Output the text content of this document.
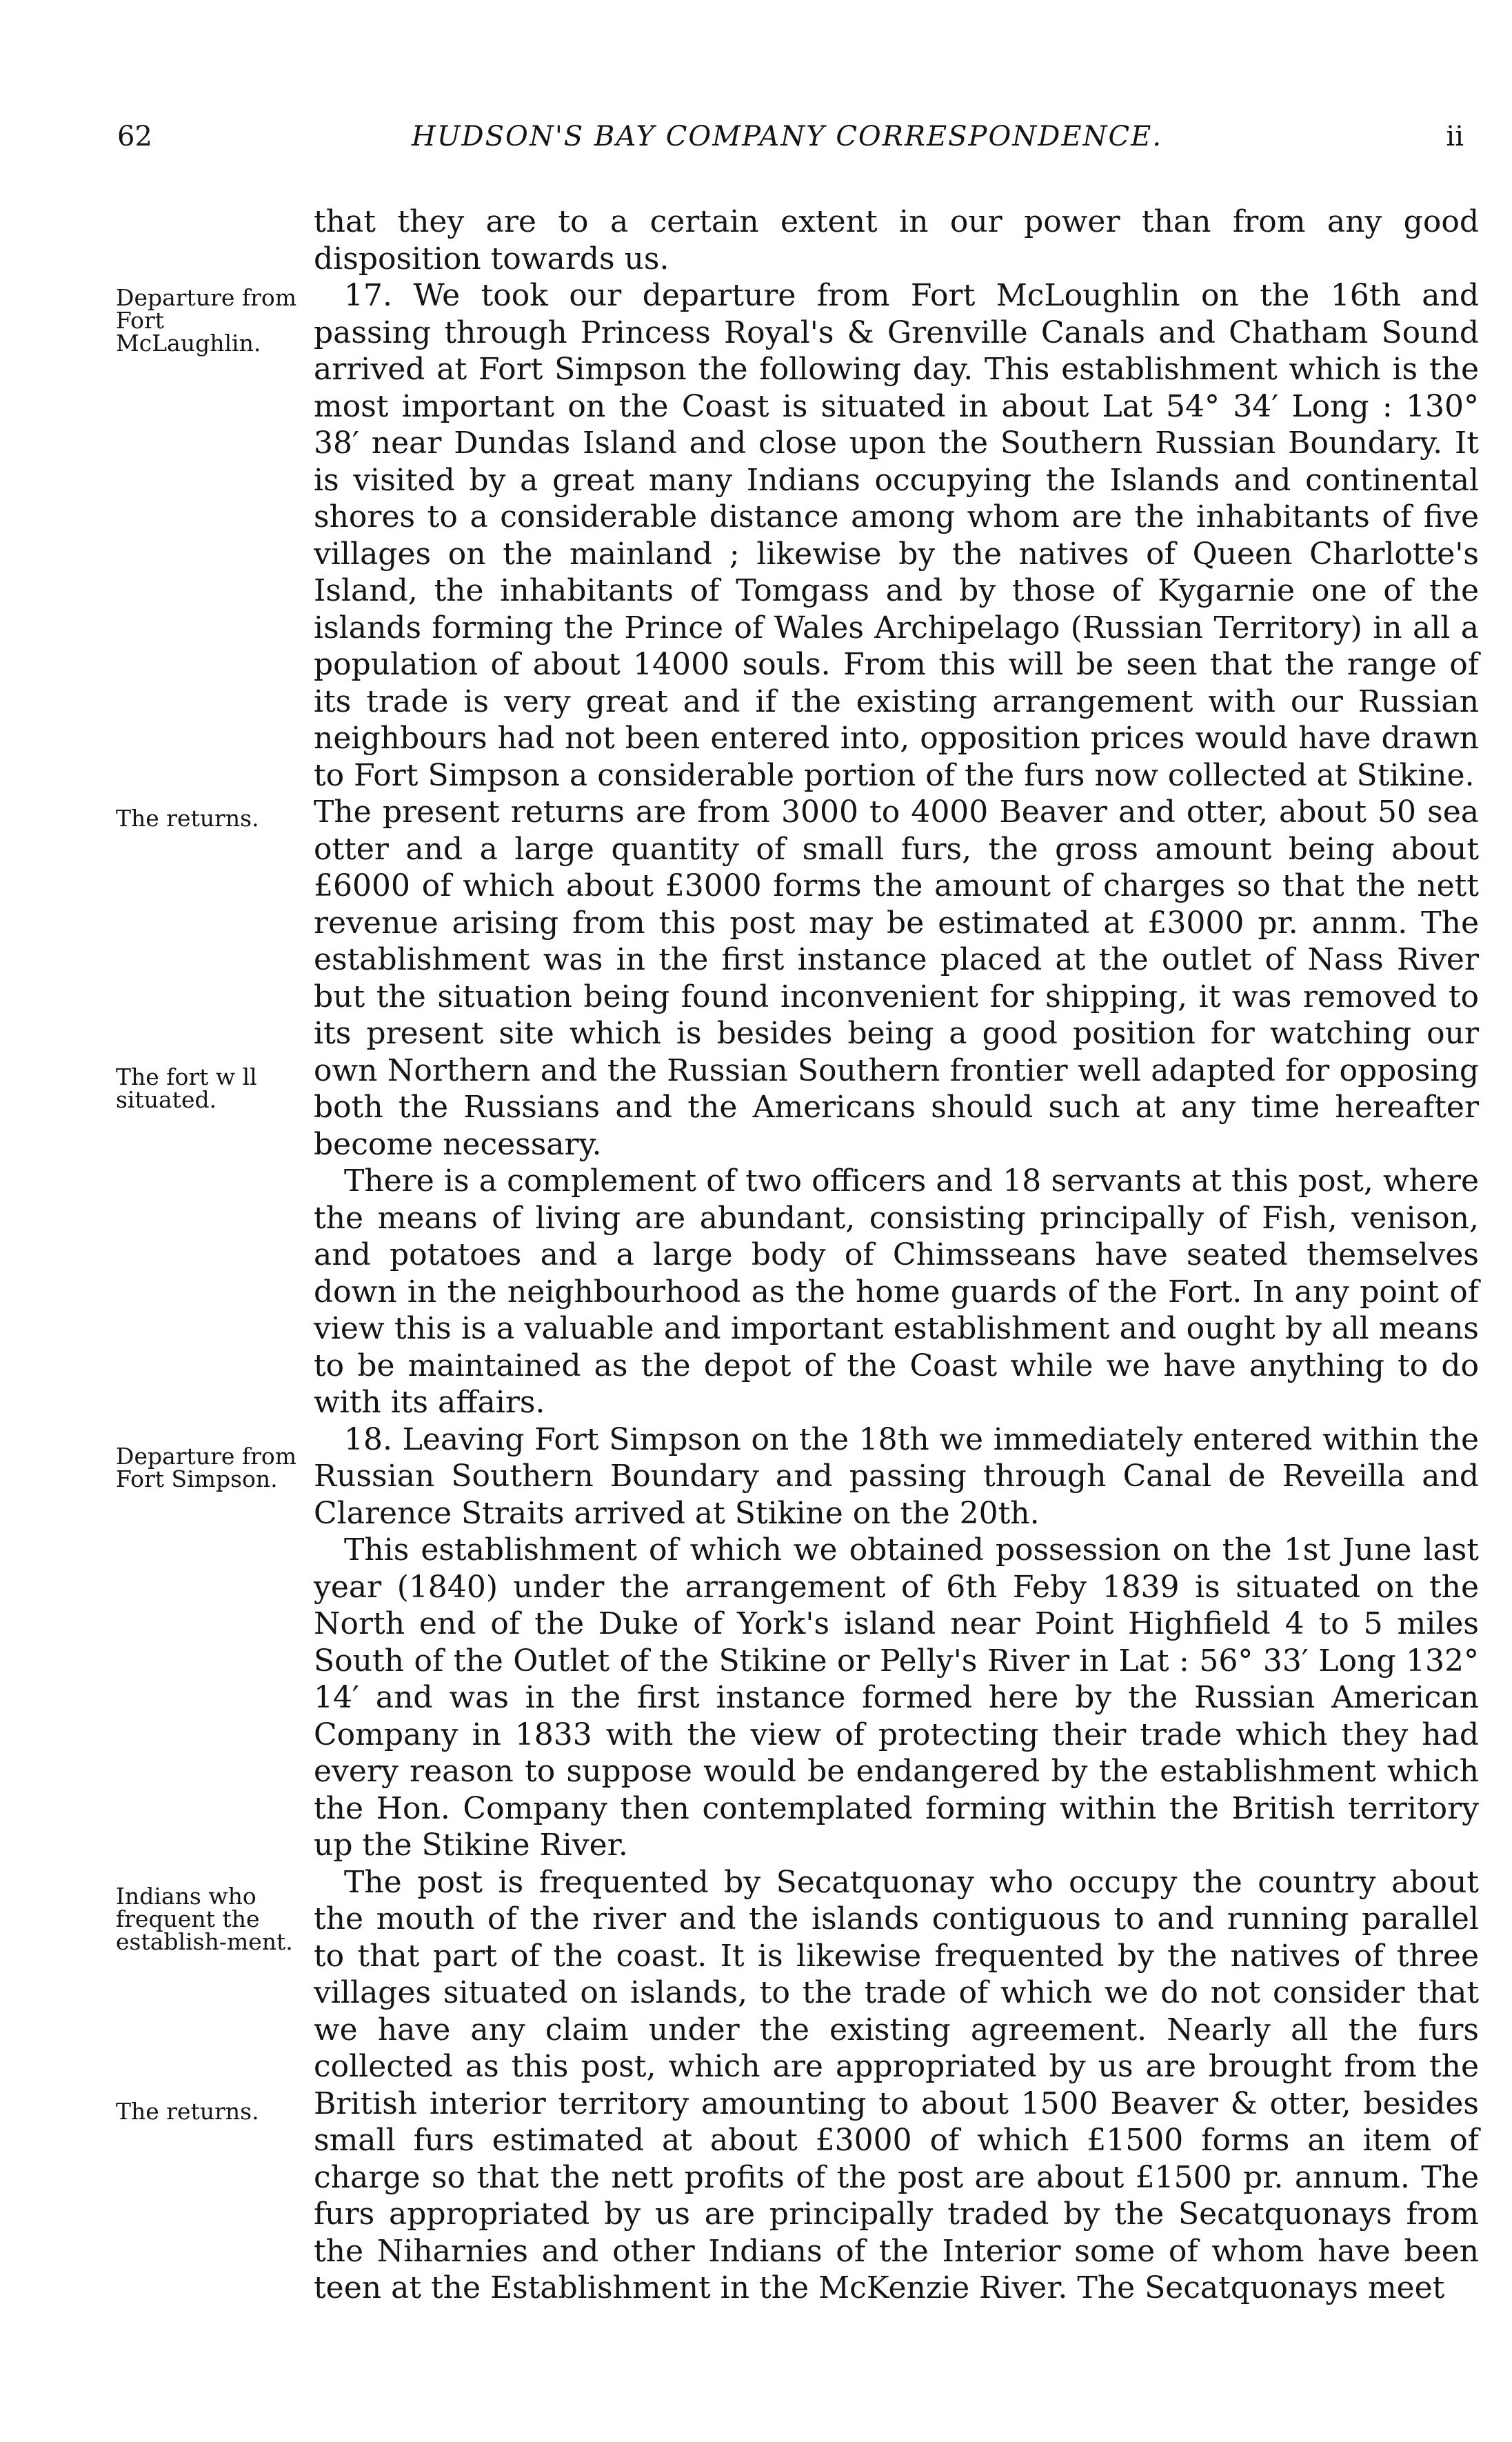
62	HUDSON'S BAY COMPANY CORRESPONDENCE.	ii
Departure from Fort McLaughlin.
The returns.
The fort w ll situated.
Departure from Fort Simpson.
Indians who frequent the establish-ment.
The returns.

that they are to a certain extent in our power than from any good disposition towards us.

17. We took our departure from Fort McLoughlin on the 16th and passing through Princess Royal's & Grenville Canals and Chatham Sound arrived at Fort Simpson the following day. This establishment which is the most important on the Coast is situated in about Lat 54° 34′ Long : 130° 38′ near Dundas Island and close upon the Southern Russian Boundary. It is visited by a great many Indians occupying the Islands and continental shores to a considerable distance among whom are the inhabitants of five villages on the mainland ; likewise by the natives of Queen Charlotte's Island, the inhabitants of Tomgass and by those of Kygarnie one of the islands forming the Prince of Wales Archipelago (Russian Territory) in all a population of about 14000 souls. From this will be seen that the range of its trade is very great and if the existing arrangement with our Russian neighbours had not been entered into, opposition prices would have drawn to Fort Simpson a considerable portion of the furs now collected at Stikine.

The present returns are from 3000 to 4000 Beaver and otter, about 50 sea otter and a large quantity of small furs, the gross amount being about £6000 of which about £3000 forms the amount of charges so that the nett revenue arising from this post may be estimated at £3000 pr. annm. The establishment was in the first instance placed at the outlet of Nass River but the situation being found inconvenient for shipping, it was removed to its present site which is besides being a good position for watching our own Northern and the Russian Southern frontier well adapted for opposing both the Russians and the Americans should such at any time hereafter become necessary.

There is a complement of two officers and 18 servants at this post, where the means of living are abundant, consisting principally of Fish, venison, and potatoes and a large body of Chimsseans have seated themselves down in the neighbourhood as the home guards of the Fort. In any point of view this is a valuable and important establishment and ought by all means to be maintained as the depot of the Coast while we have anything to do with its affairs.

18. Leaving Fort Simpson on the 18th we immediately entered within the Russian Southern Boundary and passing through Canal de Reveilla and Clarence Straits arrived at Stikine on the 20th.

This establishment of which we obtained possession on the 1st June last year (1840) under the arrangement of 6th Feby 1839 is situated on the North end of the Duke of York's island near Point Highfield 4 to 5 miles South of the Outlet of the Stikine or Pelly's River in Lat : 56° 33′ Long 132° 14′ and was in the first instance formed here by the Russian American Company in 1833 with the view of protecting their trade which they had every reason to suppose would be endangered by the establishment which the Hon. Company then contemplated forming within the British territory up the Stikine River.

The post is frequented by Secatquonay who occupy the country about the mouth of the river and the islands contiguous to and running parallel to that part of the coast. It is likewise frequented by the natives of three villages situated on islands, to the trade of which we do not consider that we have any claim under the existing agreement. Nearly all the furs collected as this post, which are appropriated by us are brought from the British interior territory amounting to about 1500 Beaver & otter, besides small furs estimated at about £3000 of which £1500 forms an item of charge so that the nett profits of the post are about £1500 pr. annum. The furs appropriated by us are principally traded by the Secatquonays from the Niharnies and other Indians of the Interior some of whom have been teen at the Establishment in the McKenzie River. The Secatquonays meet
